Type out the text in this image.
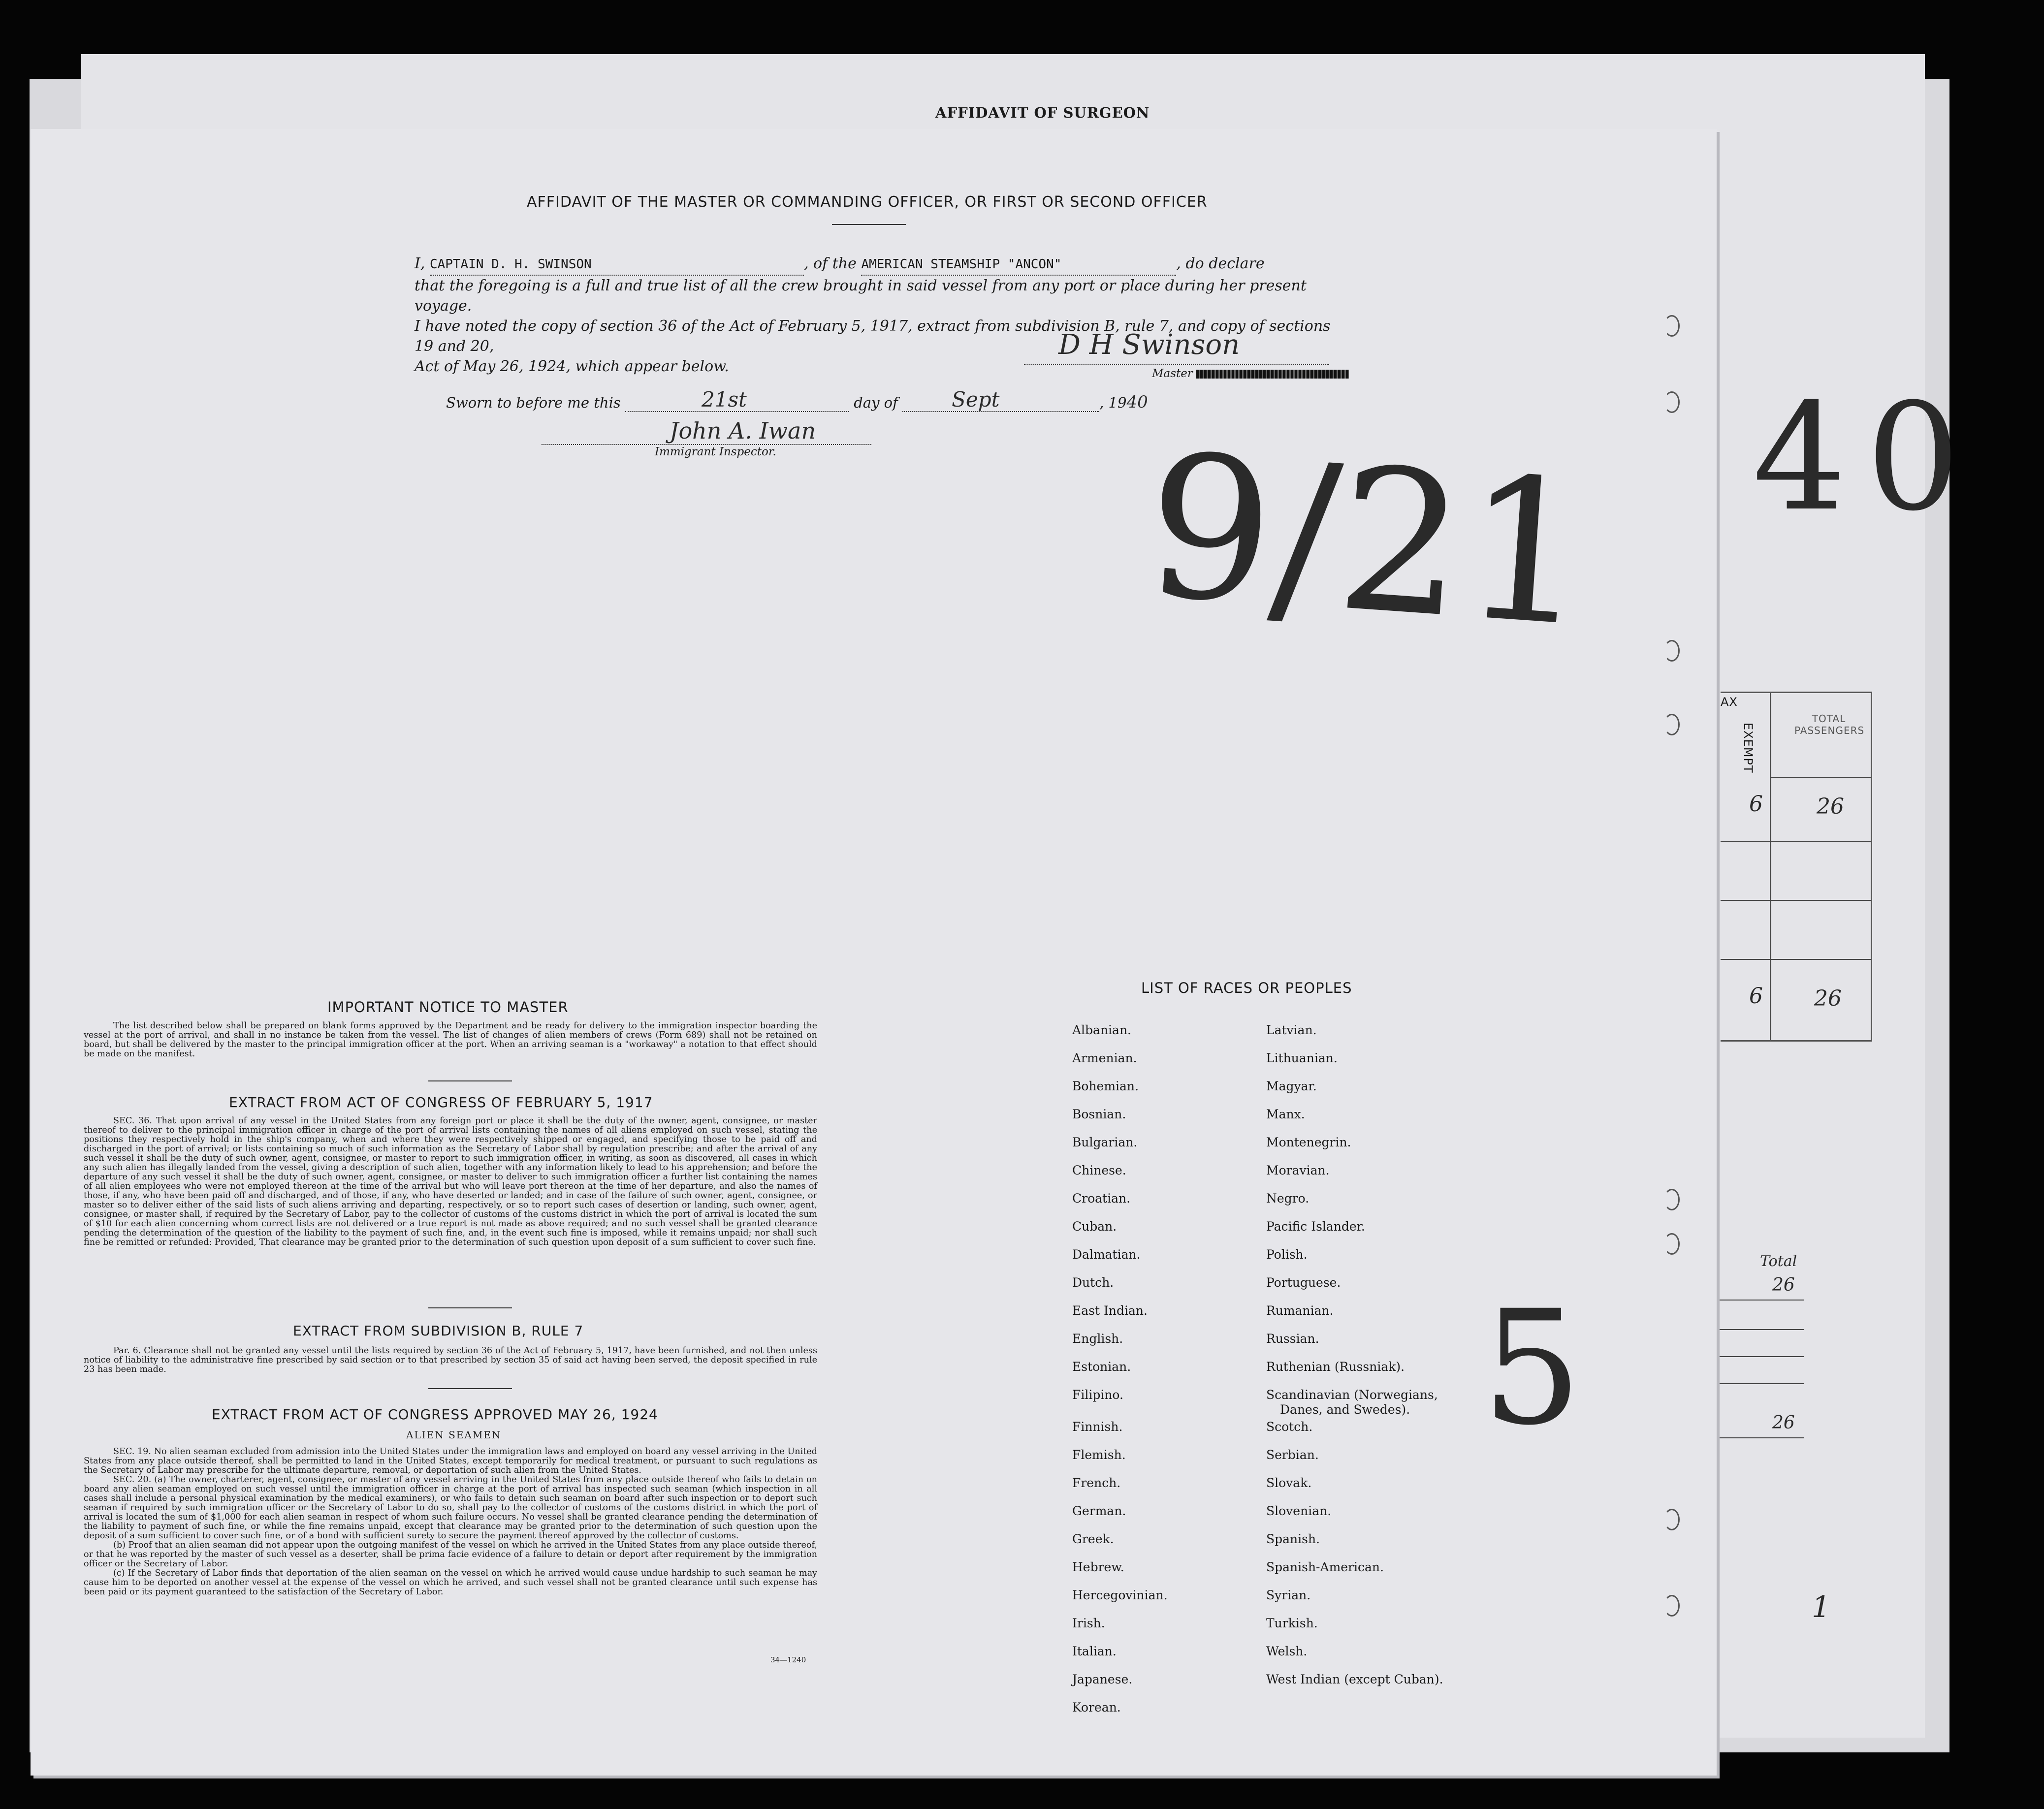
AFFIDAVIT OF SURGEON
AX
EXEMPT
TOTAL PASSENGERS
6 26
6 26
Total
26
26
40
1
AFFIDAVIT OF THE MASTER OR COMMANDING OFFICER, OR FIRST OR SECOND OFFICER
I, CAPTAIN D. H. SWINSON	, of the AMERICAN STEAMSHIP "ANCON"	, do declare
that the foregoing is a full and true list of all the crew brought in said vessel from any port or place during her present voyage.
I have noted the copy of section 36 of the Act of February 5, 1917, extract from subdivision B, rule 7, and copy of sections 19 and 20,
Act of May 26, 1924, which appear below.
D H Swinson
Master
Sworn to before me this	21st	day of	Sept	, 1940
John A. Iwan
Immigrant Inspector. 9/21
IMPORTANT NOTICE TO MASTER
The list described below shall be prepared on blank forms approved by the Department and be ready for delivery to the immigration inspector boarding the vessel at the port of arrival, and shall in no instance be taken from the vessel. The list of changes of alien members of crews (Form 689) shall not be retained on board, but shall be delivered by the master to the principal immigration officer at the port. When an arriving seaman is a "workaway" a notation to that effect should be made on the manifest.
EXTRACT FROM ACT OF CONGRESS OF FEBRUARY 5, 1917
SEC. 36. That upon arrival of any vessel in the United States from any foreign port or place it shall be the duty of the owner, agent, consignee, or master thereof to deliver to the principal immigration officer in charge of the port of arrival lists containing the names of all aliens employed on such vessel, stating the positions they respectively hold in the ship's company, when and where they were respectively shipped or engaged, and specifying those to be paid off and discharged in the port of arrival; or lists containing so much of such information as the Secretary of Labor shall by regulation prescribe; and after the arrival of any such vessel it shall be the duty of such owner, agent, consignee, or master to report to such immigration officer, in writing, as soon as discovered, all cases in which any such alien has illegally landed from the vessel, giving a description of such alien, together with any information likely to lead to his apprehension; and before the departure of any such vessel it shall be the duty of such owner, agent, consignee, or master to deliver to such immigration officer a further list containing the names of all alien employees who were not employed thereon at the time of the arrival but who will leave port thereon at the time of her departure, and also the names of those, if any, who have been paid off and discharged, and of those, if any, who have deserted or landed; and in case of the failure of such owner, agent, consignee, or master so to deliver either of the said lists of such aliens arriving and departing, respectively, or so to report such cases of desertion or landing, such owner, agent, consignee, or master shall, if required by the Secretary of Labor, pay to the collector of customs of the customs district in which the port of arrival is located the sum of $10 for each alien concerning whom correct lists are not delivered or a true report is not made as above required; and no such vessel shall be granted clearance pending the determination of the question of the liability to the payment of such fine, and, in the event such fine is imposed, while it remains unpaid; nor shall such fine be remitted or refunded: Provided, That clearance may be granted prior to the determination of such question upon deposit of a sum sufficient to cover such fine.
EXTRACT FROM SUBDIVISION B, RULE 7
Par. 6. Clearance shall not be granted any vessel until the lists required by section 36 of the Act of February 5, 1917, have been furnished, and not then unless notice of liability to the administrative fine prescribed by said section or to that prescribed by section 35 of said act having been served, the deposit specified in rule 23 has been made.
EXTRACT FROM ACT OF CONGRESS APPROVED MAY 26, 1924
ALIEN SEAMEN
SEC. 19. No alien seaman excluded from admission into the United States under the immigration laws and employed on board any vessel arriving in the United States from any place outside thereof, shall be permitted to land in the United States, except temporarily for medical treatment, or pursuant to such regulations as the Secretary of Labor may prescribe for the ultimate departure, removal, or deportation of such alien from the United States.
SEC. 20. (a) The owner, charterer, agent, consignee, or master of any vessel arriving in the United States from any place outside thereof who fails to detain on board any alien seaman employed on such vessel until the immigration officer in charge at the port of arrival has inspected such seaman (which inspection in all cases shall include a personal physical examination by the medical examiners), or who fails to detain such seaman on board after such inspection or to deport such seaman if required by such immigration officer or the Secretary of Labor to do so, shall pay to the collector of customs of the customs district in which the port of arrival is located the sum of $1,000 for each alien seaman in respect of whom such failure occurs. No vessel shall be granted clearance pending the determination of the liability to payment of such fine, or while the fine remains unpaid, except that clearance may be granted prior to the determination of such question upon the deposit of a sum sufficient to cover such fine, or of a bond with sufficient surety to secure the payment thereof approved by the collector of customs.
(b) Proof that an alien seaman did not appear upon the outgoing manifest of the vessel on which he arrived in the United States from any place outside thereof, or that he was reported by the master of such vessel as a deserter, shall be prima facie evidence of a failure to detain or deport after requirement by the immigration officer or the Secretary of Labor.
(c) If the Secretary of Labor finds that deportation of the alien seaman on the vessel on which he arrived would cause undue hardship to such seaman he may cause him to be deported on another vessel at the expense of the vessel on which he arrived, and such vessel shall not be granted clearance until such expense has been paid or its payment guaranteed to the satisfaction of the Secretary of Labor.
34—1240
LIST OF RACES OR PEOPLES
Albanian.
Armenian.
Bohemian.
Bosnian.
Bulgarian.
Chinese.
Croatian.
Cuban.
Dalmatian.
Dutch.
East Indian.
English.
Estonian.
Filipino.
Finnish.
Flemish.
French.
German.
Greek.
Hebrew.
Hercegovinian.
Irish.
Italian.
Japanese.
Korean.
Latvian.
Lithuanian.
Magyar.
Manx.
Montenegrin.
Moravian.
Negro.
Pacific Islander.
Polish.
Portuguese.
Rumanian.
Russian.
Ruthenian (Russniak).
Scandinavian (Norwegians,
Danes, and Swedes).
Scotch.
Serbian.
Slovak.
Slovenian.
Spanish.
Spanish-American.
Syrian.
Turkish.
Welsh.
West Indian (except Cuban).
5
